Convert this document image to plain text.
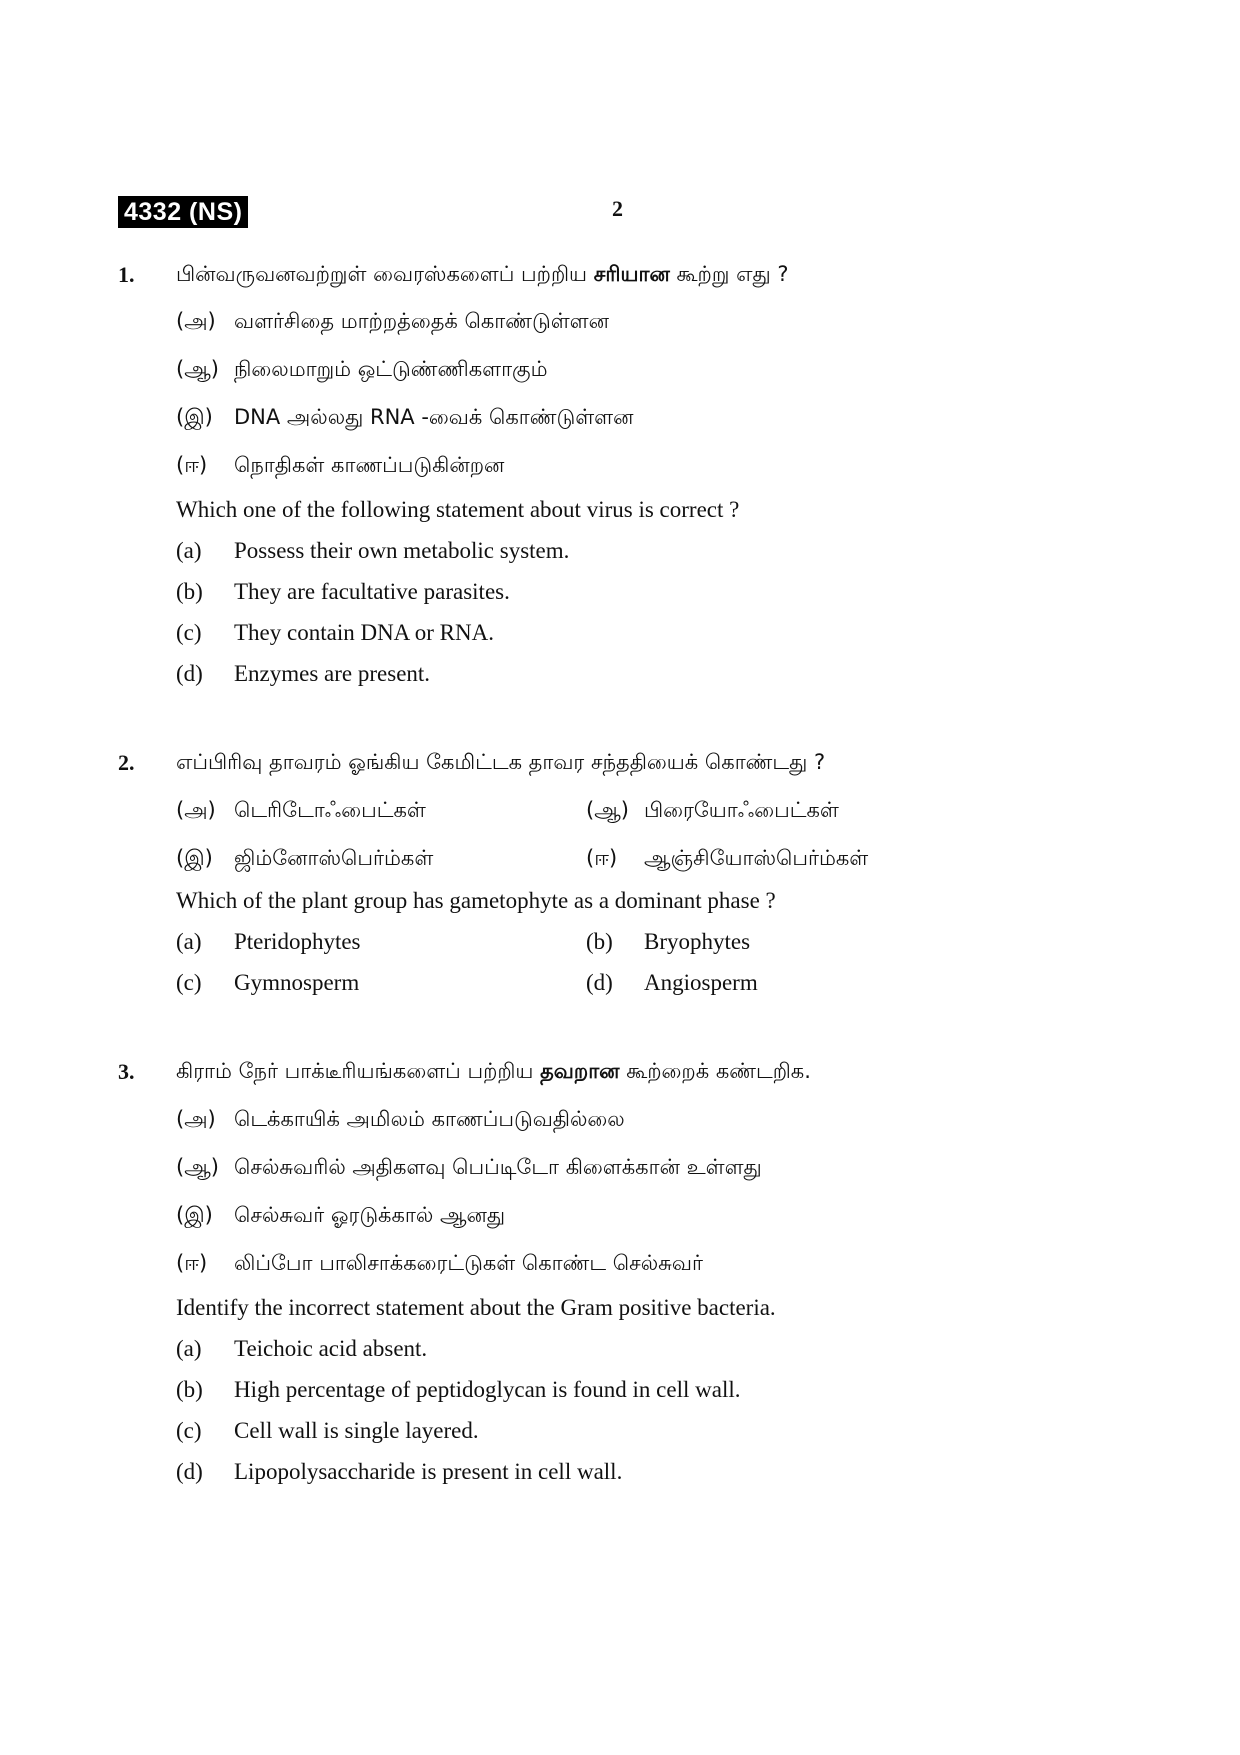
4332 (NS)	2
1. பின்வருவனவற்றுள் வைரஸ்களைப் பற்றிய சரியான கூற்று எது ?
(அ) வளர்சிதை மாற்றத்தைக் கொண்டுள்ளன
(ஆ) நிலைமாறும் ஒட்டுண்ணிகளாகும்
(இ) DNA அல்லது RNA -வைக் கொண்டுள்ளன
(ஈ) நொதிகள் காணப்படுகின்றன
Which one of the following statement about virus is correct ?
(a) Possess their own metabolic system.
(b) They are facultative parasites.
(c) They contain DNA or RNA.
(d) Enzymes are present.
2. எப்பிரிவு தாவரம் ஓங்கிய கேமிட்டக தாவர சந்ததியைக் கொண்டது ?
(அ) டெரிடோஃபைட்கள்	(ஆ) பிரையோஃபைட்கள்
(இ) ஜிம்னோஸ்பெர்ம்கள்	(ஈ) ஆஞ்சியோஸ்பெர்ம்கள்
Which of the plant group has gametophyte as a dominant phase ?
(a) Pteridophytes	(b) Bryophytes
(c) Gymnosperm	(d) Angiosperm
3. கிராம் நேர் பாக்டீரியங்களைப் பற்றிய தவறான கூற்றைக் கண்டறிக.
(அ) டெக்காயிக் அமிலம் காணப்படுவதில்லை
(ஆ) செல்சுவரில் அதிகளவு பெப்டிடோ கிளைக்கான் உள்ளது
(இ) செல்சுவர் ஓரடுக்கால் ஆனது
(ஈ) லிப்போ பாலிசாக்கரைட்டுகள் கொண்ட செல்சுவர்
Identify the incorrect statement about the Gram positive bacteria.
(a) Teichoic acid absent.
(b) High percentage of peptidoglycan is found in cell wall.
(c) Cell wall is single layered.
(d) Lipopolysaccharide is present in cell wall.
